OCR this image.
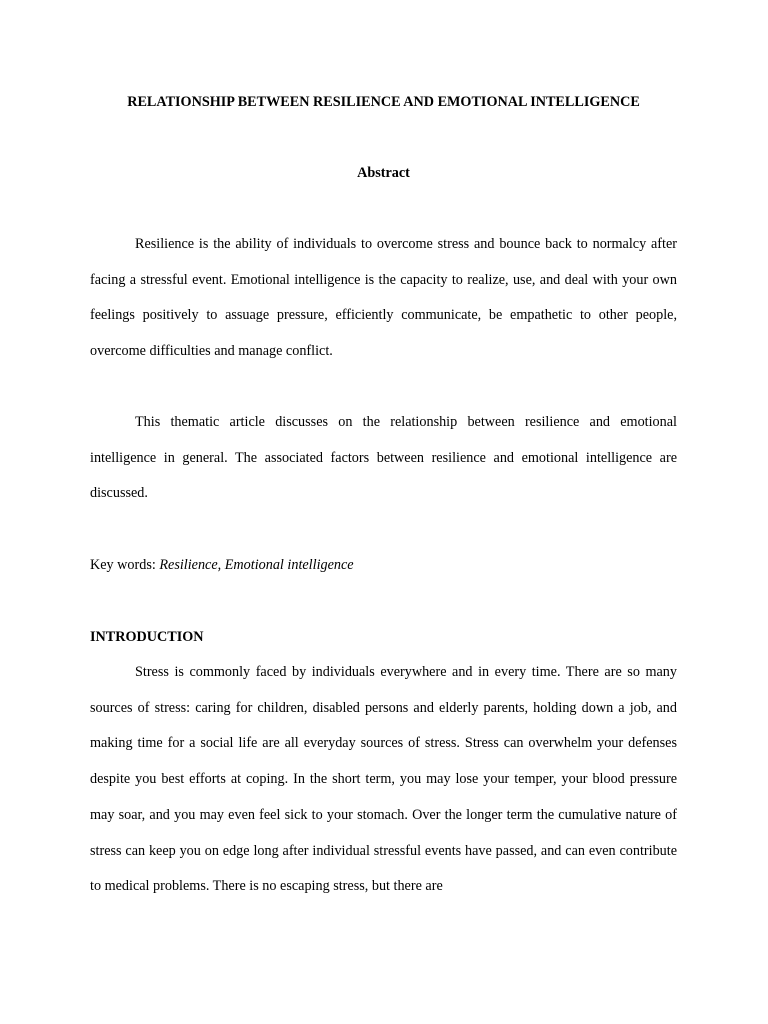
RELATIONSHIP BETWEEN RESILIENCE AND EMOTIONAL INTELLIGENCE
Abstract

Resilience is the ability of individuals to overcome stress and bounce back to normalcy after facing a stressful event. Emotional intelligence is the capacity to realize, use, and deal with your own feelings positively to assuage pressure, efficiently communicate, be empathetic to other people, overcome difficulties and manage conflict.

This thematic article discusses on the relationship between resilience and emotional intelligence in general. The associated factors between resilience and emotional intelligence are discussed.

Key words: Resilience, Emotional intelligence
INTRODUCTION

Stress is commonly faced by individuals everywhere and in every time. There are so many sources of stress: caring for children, disabled persons and elderly parents, holding down a job, and making time for a social life are all everyday sources of stress. Stress can overwhelm your defenses despite you best efforts at coping. In the short term, you may lose your temper, your blood pressure may soar, and you may even feel sick to your stomach. Over the longer term the cumulative nature of stress can keep you on edge long after individual stressful events have passed, and can even contribute to medical problems. There is no escaping stress, but there are
